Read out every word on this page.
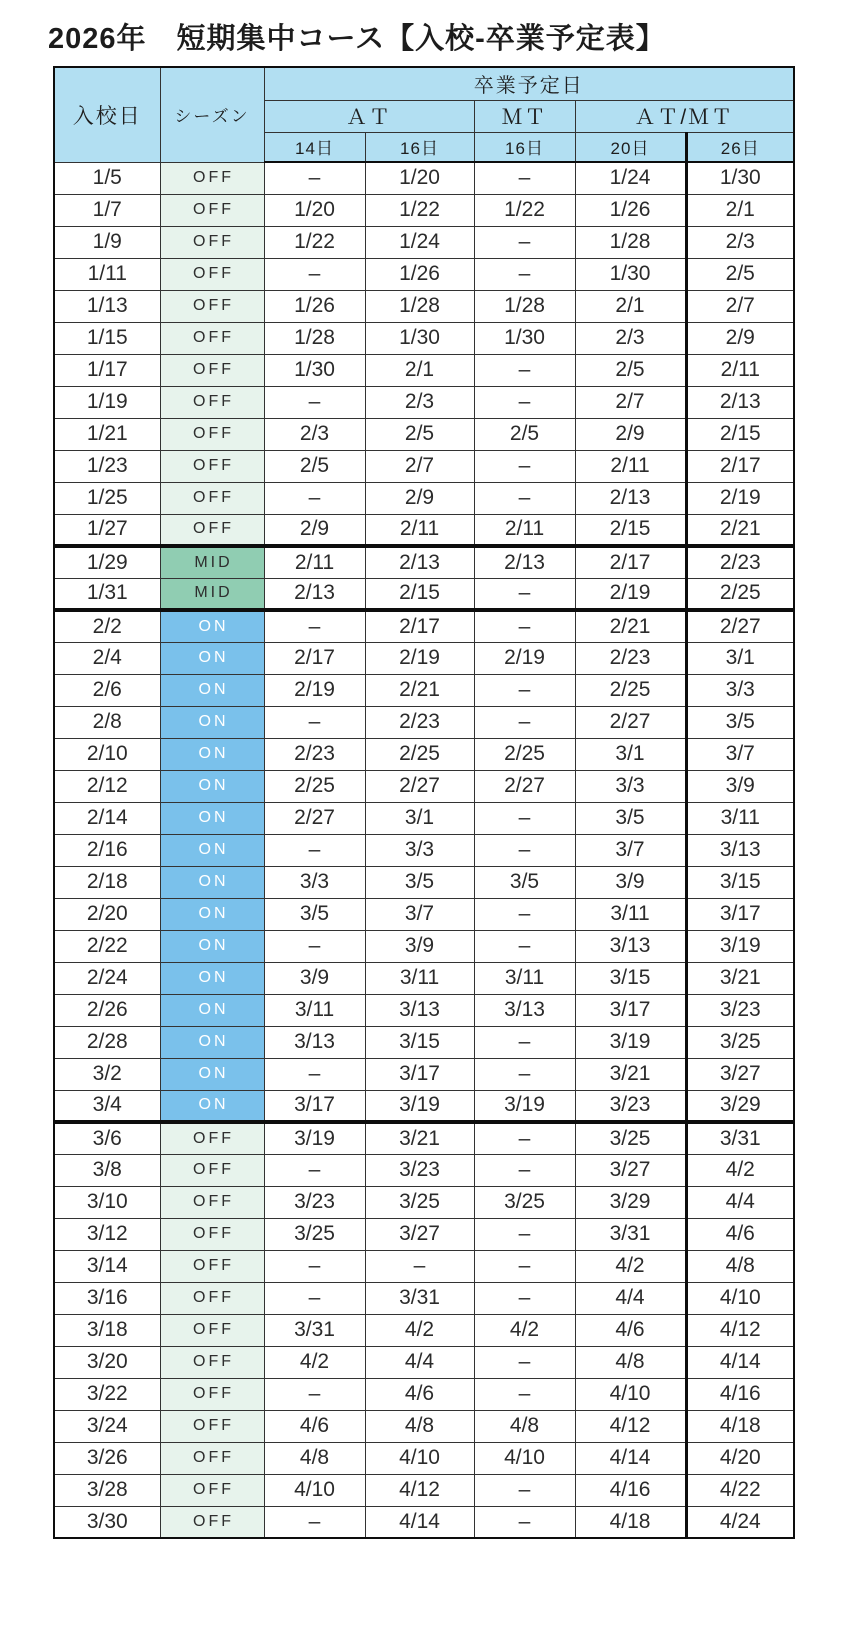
2026年　短期集中コース【入校-卒業予定表】
入校日	シーズン	卒業予定日				
		ＡＴ		ＭＴ	ＡＴ/ＭＴ	
		14日	16日	16日	20日	26日
1/5	OFF	–	1/20	–	1/24	1/30
1/7	OFF	1/20	1/22	1/22	1/26	2/1
1/9	OFF	1/22	1/24	–	1/28	2/3
1/11	OFF	–	1/26	–	1/30	2/5
1/13	OFF	1/26	1/28	1/28	2/1	2/7
1/15	OFF	1/28	1/30	1/30	2/3	2/9
1/17	OFF	1/30	2/1	–	2/5	2/11
1/19	OFF	–	2/3	–	2/7	2/13
1/21	OFF	2/3	2/5	2/5	2/9	2/15
1/23	OFF	2/5	2/7	–	2/11	2/17
1/25	OFF	–	2/9	–	2/13	2/19
1/27	OFF	2/9	2/11	2/11	2/15	2/21
1/29	MID	2/11	2/13	2/13	2/17	2/23
1/31	MID	2/13	2/15	–	2/19	2/25
2/2	ON	–	2/17	–	2/21	2/27
2/4	ON	2/17	2/19	2/19	2/23	3/1
2/6	ON	2/19	2/21	–	2/25	3/3
2/8	ON	–	2/23	–	2/27	3/5
2/10	ON	2/23	2/25	2/25	3/1	3/7
2/12	ON	2/25	2/27	2/27	3/3	3/9
2/14	ON	2/27	3/1	–	3/5	3/11
2/16	ON	–	3/3	–	3/7	3/13
2/18	ON	3/3	3/5	3/5	3/9	3/15
2/20	ON	3/5	3/7	–	3/11	3/17
2/22	ON	–	3/9	–	3/13	3/19
2/24	ON	3/9	3/11	3/11	3/15	3/21
2/26	ON	3/11	3/13	3/13	3/17	3/23
2/28	ON	3/13	3/15	–	3/19	3/25
3/2	ON	–	3/17	–	3/21	3/27
3/4	ON	3/17	3/19	3/19	3/23	3/29
3/6	OFF	3/19	3/21	–	3/25	3/31
3/8	OFF	–	3/23	–	3/27	4/2
3/10	OFF	3/23	3/25	3/25	3/29	4/4
3/12	OFF	3/25	3/27	–	3/31	4/6
3/14	OFF	–	–	–	4/2	4/8
3/16	OFF	–	3/31	–	4/4	4/10
3/18	OFF	3/31	4/2	4/2	4/6	4/12
3/20	OFF	4/2	4/4	–	4/8	4/14
3/22	OFF	–	4/6	–	4/10	4/16
3/24	OFF	4/6	4/8	4/8	4/12	4/18
3/26	OFF	4/8	4/10	4/10	4/14	4/20
3/28	OFF	4/10	4/12	–	4/16	4/22
3/30	OFF	–	4/14	–	4/18	4/24
